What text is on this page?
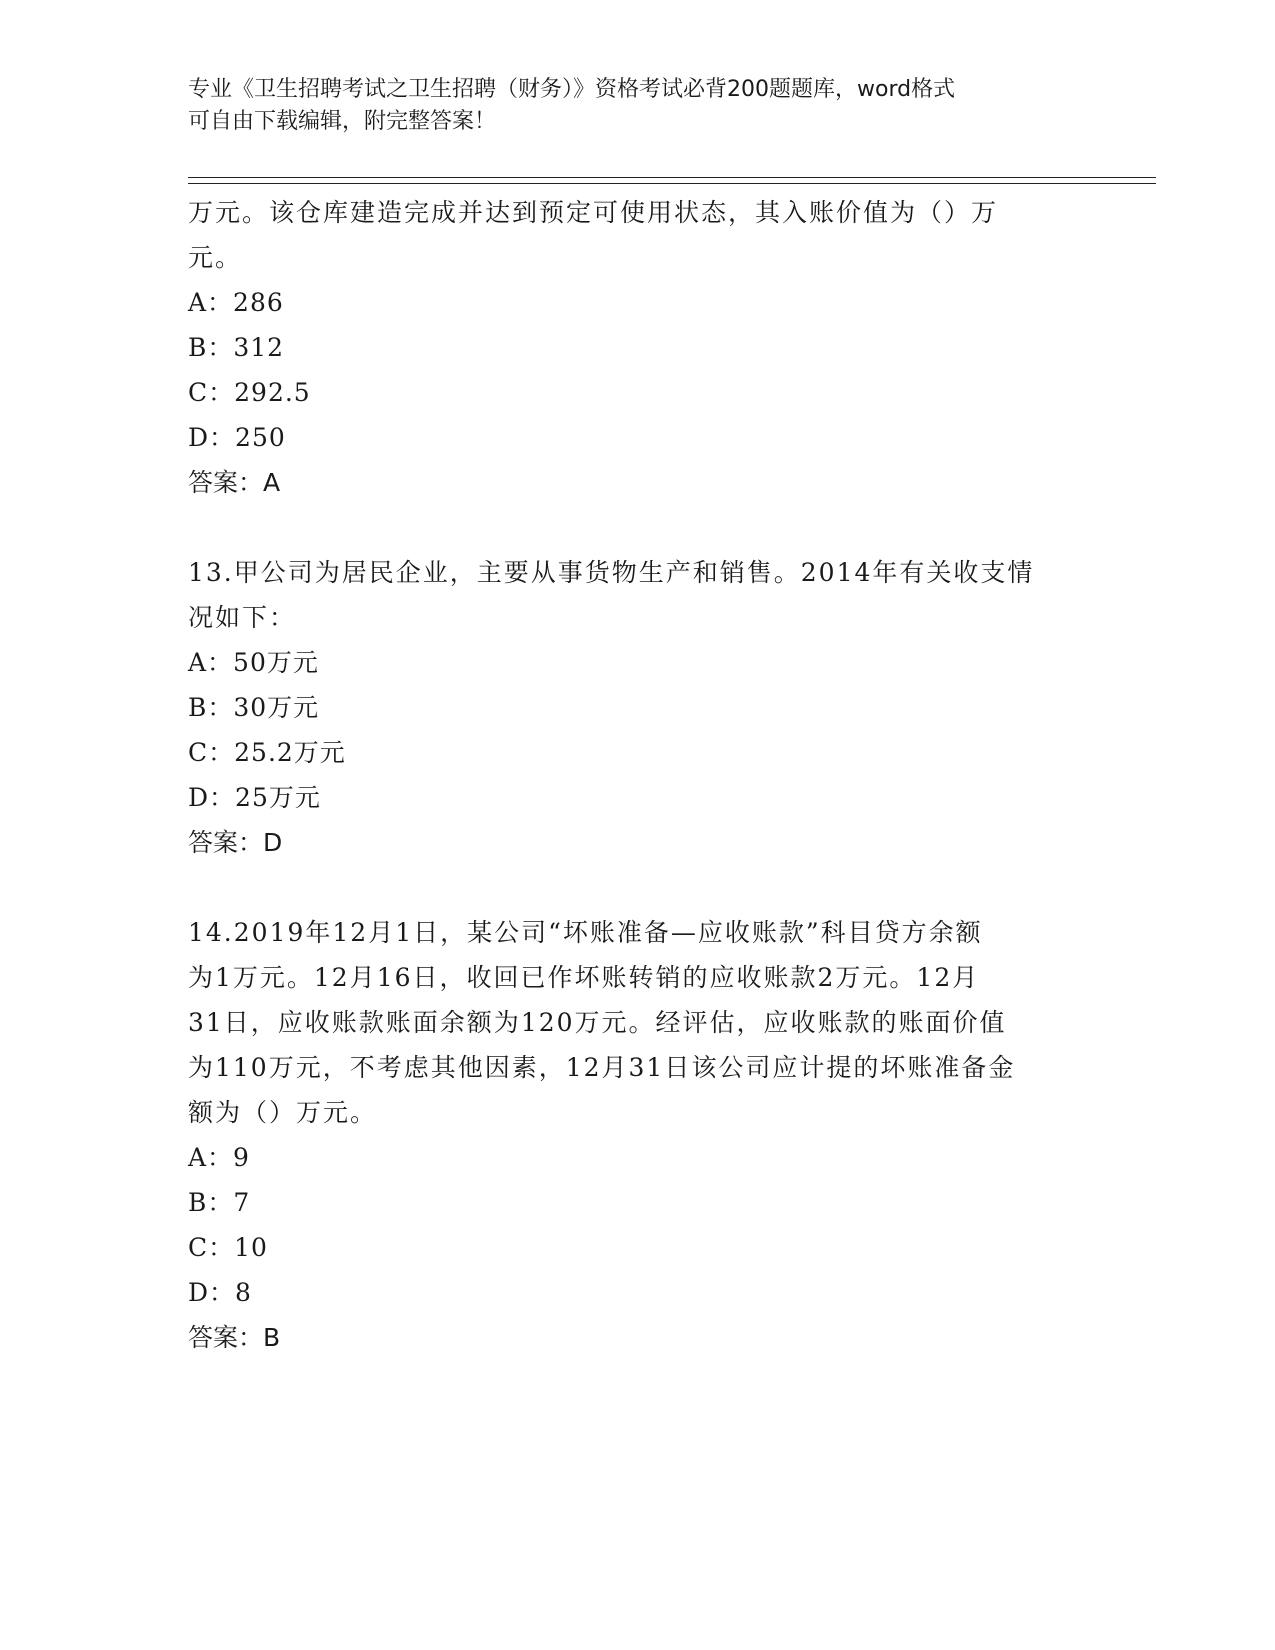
专业《卫生招聘考试之卫生招聘（财务）》资格考试必背200题题库，word格式
可自由下载编辑，附完整答案！
万元。该仓库建造完成并达到预定可使用状态，其入账价值为（）万
元。
A：286
B：312
C：292.5
D：250
答案：A
13.甲公司为居民企业，主要从事货物生产和销售。2014年有关收支情
况如下：
A：50万元
B：30万元
C：25.2万元
D：25万元
答案：D
14.2019年12月1日，某公司“坏账准备—应收账款”科目贷方余额
为1万元。12月16日，收回已作坏账转销的应收账款2万元。12月
31日，应收账款账面余额为120万元。经评估，应收账款的账面价值
为110万元，不考虑其他因素，12月31日该公司应计提的坏账准备金
额为（）万元。
A：9
B：7
C：10
D：8
答案：B
